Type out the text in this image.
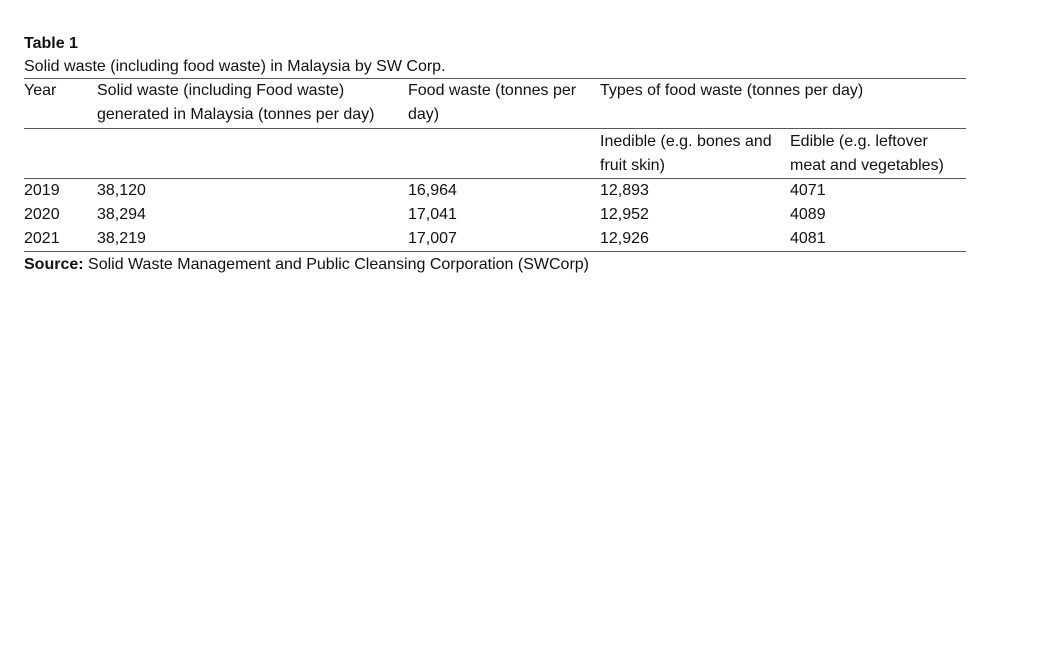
Table 1

Solid waste (including food waste) in Malaysia by SW Corp.

Year	Solid waste (including Food waste) generated in Malaysia (tonnes per day)	Food waste (tonnes per day)	Types of food waste (tonnes per day)	
			Inedible (e.g. bones and fruit skin)	Edible (e.g. leftover meat and vegetables)
2019	38,120	16,964	12,893	4071
2020	38,294	17,041	12,952	4089
2021	38,219	17,007	12,926	4081

Source: Solid Waste Management and Public Cleansing Corporation (SWCorp)
